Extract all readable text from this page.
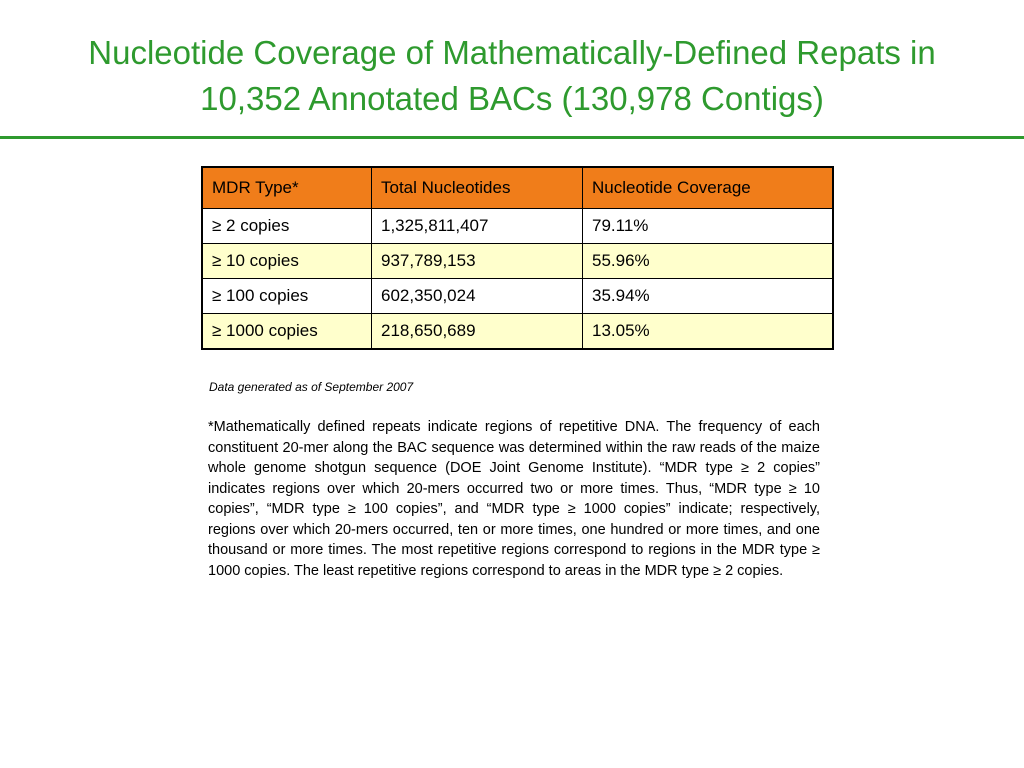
Nucleotide Coverage of Mathematically-Defined Repats in
10,352 Annotated BACs (130,978 Contigs)
MDR Type*	Total Nucleotides	Nucleotide Coverage
≥ 2 copies	1,325,811,407	79.11%
≥ 10 copies	937,789,153	55.96%
≥ 100 copies	602,350,024	35.94%
≥ 1000 copies	218,650,689	13.05%
Data generated as of September 2007
*Mathematically defined repeats indicate regions of repetitive DNA. The frequency of each constituent 20-mer along the BAC sequence was determined within the raw reads of the maize whole genome shotgun sequence (DOE Joint Genome Institute). “MDR type ≥ 2 copies” indicates regions over which 20-mers occurred two or more times. Thus, “MDR type ≥ 10 copies”, “MDR type ≥ 100 copies”, and “MDR type ≥ 1000 copies” indicate; respectively, regions over which 20-mers occurred, ten or more times, one hundred or more times, and one thousand or more times. The most repetitive regions correspond to regions in the MDR type ≥ 1000 copies. The least repetitive regions correspond to areas in the MDR type ≥ 2 copies.
